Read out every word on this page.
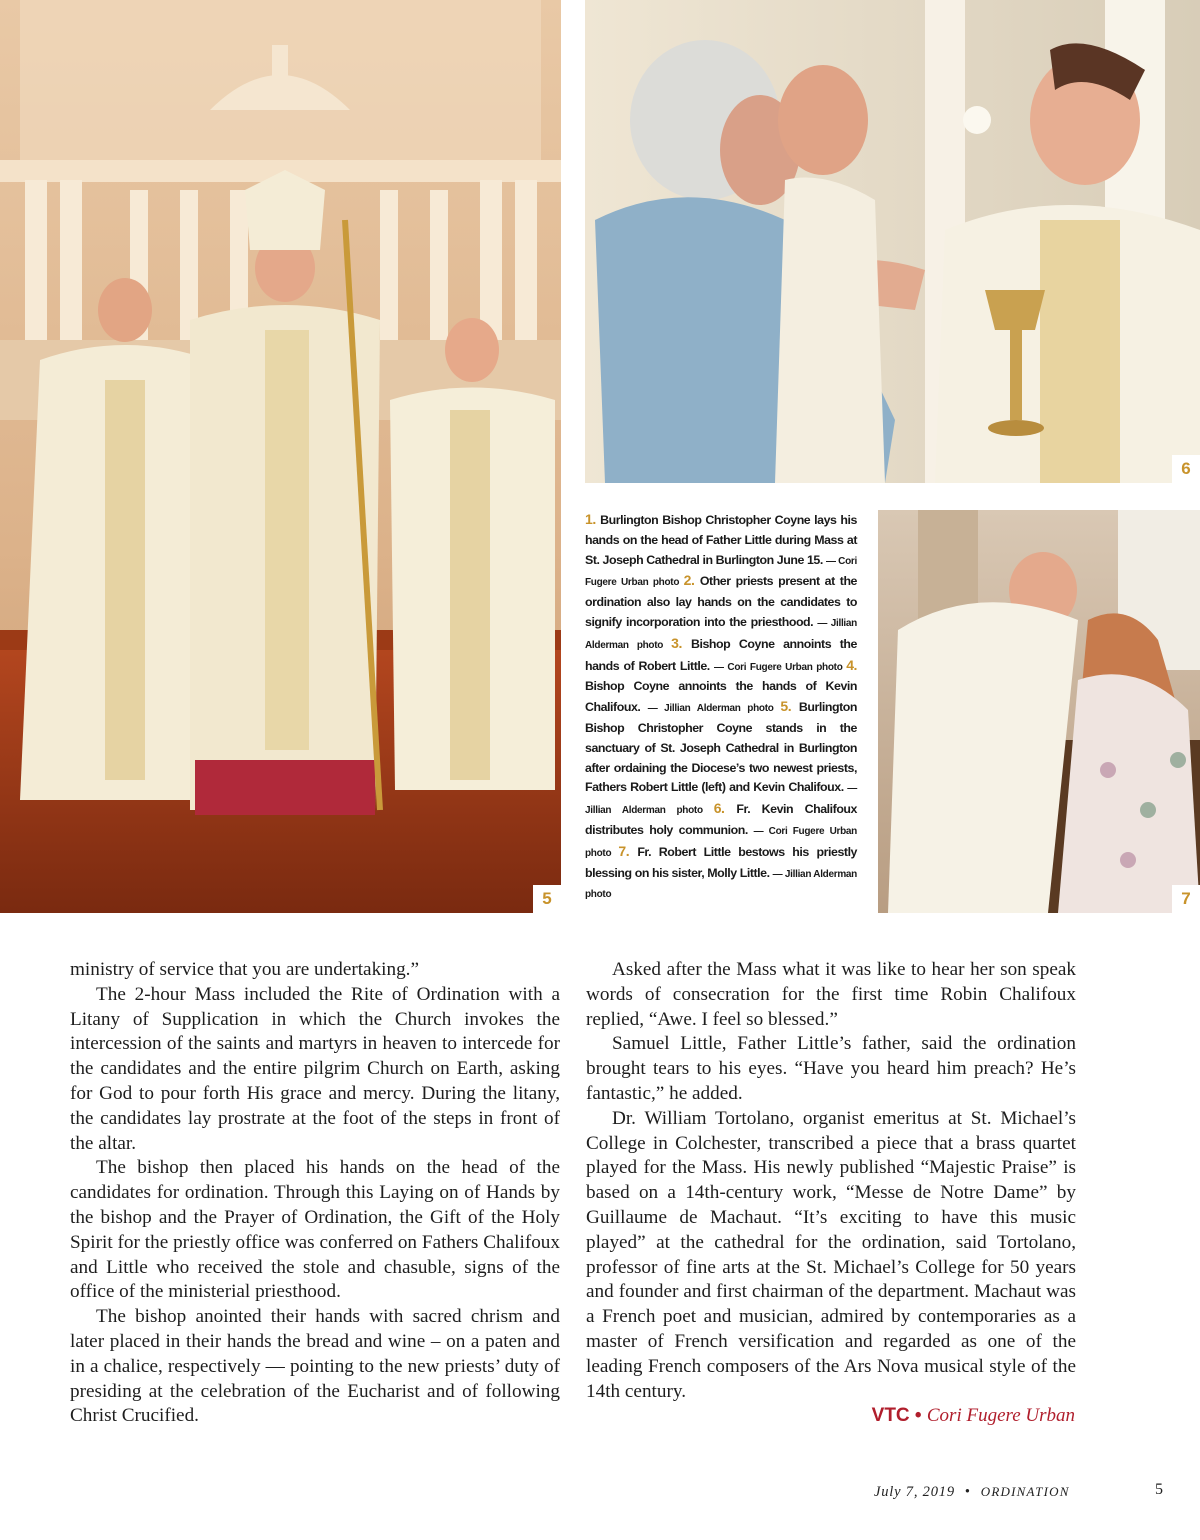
5
6
1. Burlington Bishop Christopher Coyne lays his hands on the head of Father Little during Mass at St. Joseph Cathedral in Burlington June 15. — Cori Fugere Urban photo 2. Other priests present at the ordination also lay hands on the candidates to signify incorporation into the priesthood. — Jillian Alderman photo 3. Bishop Coyne annoints the hands of Robert Little. — Cori Fugere Urban photo 4. Bishop Coyne annoints the hands of Kevin Chalifoux. — Jillian Alderman photo 5. Burlington Bishop Christopher Coyne stands in the sanctuary of St. Joseph Cathedral in Burlington after ordaining the Diocese’s two newest priests, Fathers Robert Little (left) and Kevin Chalifoux. — Jillian Alderman photo 6. Fr. Kevin Chalifoux distributes holy communion. — Cori Fugere Urban photo 7. Fr. Robert Little bestows his priestly blessing on his sister, Molly Little. — Jillian Alderman photo	7

ministry of service that you are undertaking.”

The 2-hour Mass included the Rite of Ordination with a Litany of Supplication in which the Church invokes the intercession of the saints and martyrs in heaven to intercede for the candidates and the entire pilgrim Church on Earth, asking for God to pour forth His grace and mercy. During the litany, the candidates lay prostrate at the foot of the steps in front of the altar.

The bishop then placed his hands on the head of the candidates for ordination. Through this Laying on of Hands by the bishop and the Prayer of Ordination, the Gift of the Holy Spirit for the priestly office was conferred on Fathers Chalifoux and Little who received the stole and chasuble, signs of the office of the ministerial priesthood.

The bishop anointed their hands with sacred chrism and later placed in their hands the bread and wine – on a paten and in a chalice, respectively — pointing to the new priests’ duty of presiding at the celebration of the Eucharist and of following Christ Crucified.

Asked after the Mass what it was like to hear her son speak words of consecration for the first time Robin Chalifoux replied, “Awe. I feel so blessed.”

Samuel Little, Father Little’s father, said the ordination brought tears to his eyes. “Have you heard him preach? He’s fantastic,” he added.

Dr. William Tortolano, organist emeritus at St. Michael’s College in Colchester, transcribed a piece that a brass quartet played for the Mass. His newly published “Majestic Praise” is based on a 14th-century work, “Messe de Notre Dame” by Guillaume de Machaut. “It’s exciting to have this music played” at the cathedral for the ordination, said Tortolano, professor of fine arts at the St. Michael’s College for 50 years and founder and first chairman of the department. Machaut was a French poet and musician, admired by contemporaries as a master of French versification and regarded as one of the leading French composers of the Ars Nova musical style of the 14th century.

VTC • Cori Fugere Urban
July 7, 2019 • ORDINATION	5
